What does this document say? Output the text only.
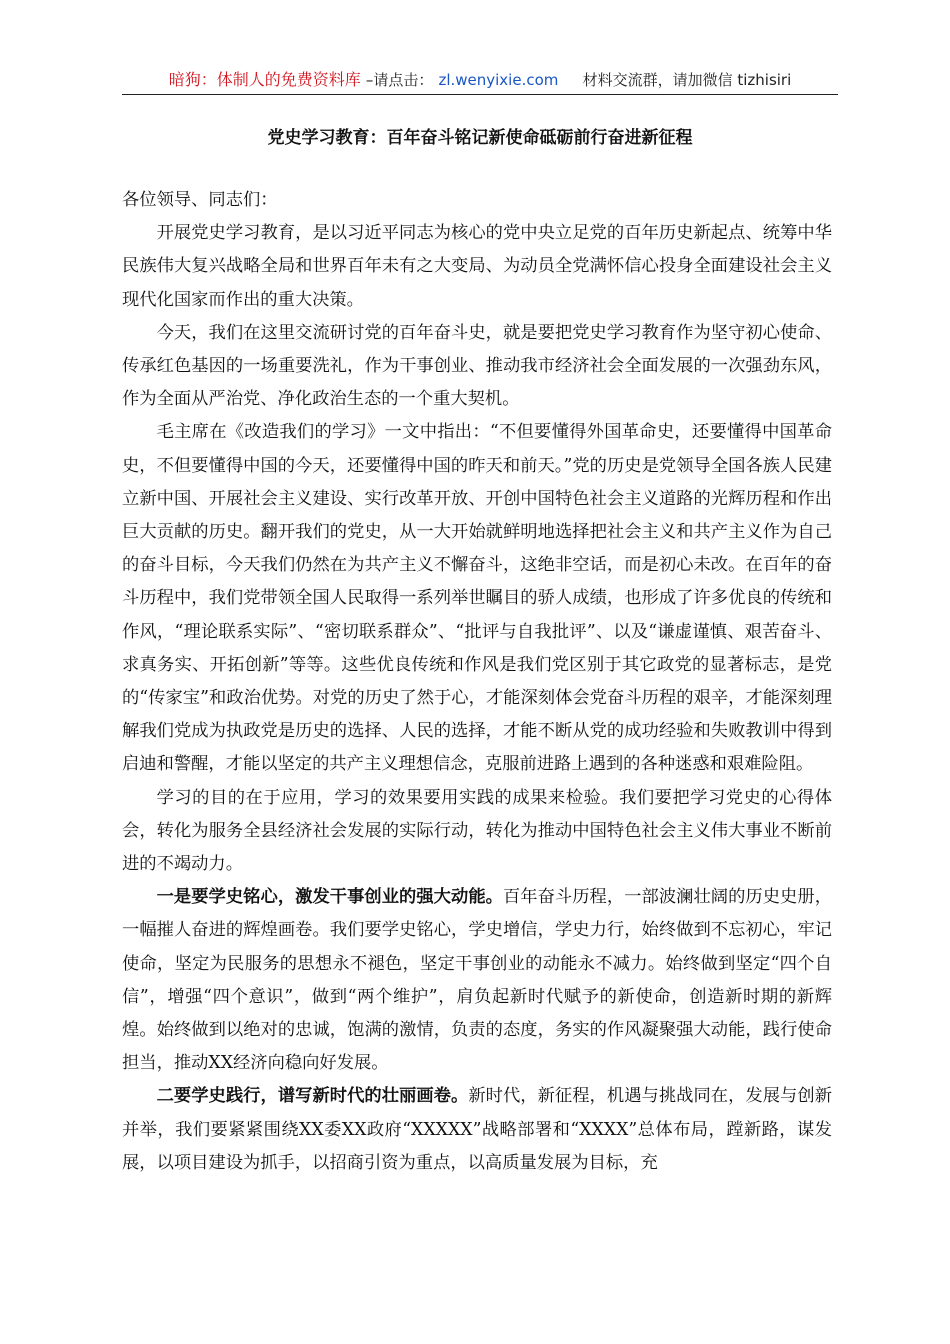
暗狗：体制人的免费资料库 –请点击： zl.wenyixie.com 材料交流群，请加微信 tizhisiri
党史学习教育：百年奋斗铭记新使命砥砺前行奋进新征程

各位领导、同志们：

开展党史学习教育，是以习近平同志为核心的党中央立足党的百年历史新起点、统筹中华民族伟大复兴战略全局和世界百年未有之大变局、为动员全党满怀信心投身全面建设社会主义现代化国家而作出的重大决策。

今天，我们在这里交流研讨党的百年奋斗史，就是要把党史学习教育作为坚守初心使命、传承红色基因的一场重要洗礼，作为干事创业、推动我市经济社会全面发展的一次强劲东风，作为全面从严治党、净化政治生态的一个重大契机。

毛主席在《改造我们的学习》一文中指出：“不但要懂得外国革命史，还要懂得中国革命史，不但要懂得中国的今天，还要懂得中国的昨天和前天。”党的历史是党领导全国各族人民建立新中国、开展社会主义建设、实行改革开放、开创中国特色社会主义道路的光辉历程和作出巨大贡献的历史。翻开我们的党史，从一大开始就鲜明地选择把社会主义和共产主义作为自己的奋斗目标，今天我们仍然在为共产主义不懈奋斗，这绝非空话，而是初心未改。在百年的奋斗历程中，我们党带领全国人民取得一系列举世瞩目的骄人成绩，也形成了许多优良的传统和作风，“理论联系实际”、“密切联系群众”、“批评与自我批评”、以及“谦虚谨慎、艰苦奋斗、求真务实、开拓创新”等等。这些优良传统和作风是我们党区别于其它政党的显著标志，是党的“传家宝”和政治优势。对党的历史了然于心，才能深刻体会党奋斗历程的艰辛，才能深刻理解我们党成为执政党是历史的选择、人民的选择，才能不断从党的成功经验和失败教训中得到启迪和警醒，才能以坚定的共产主义理想信念，克服前进路上遇到的各种迷惑和艰难险阻。

学习的目的在于应用，学习的效果要用实践的成果来检验。我们要把学习党史的心得体会，转化为服务全县经济社会发展的实际行动，转化为推动中国特色社会主义伟大事业不断前进的不竭动力。

一是要学史铭心，激发干事创业的强大动能。百年奋斗历程，一部波澜壮阔的历史史册，一幅摧人奋进的辉煌画卷。我们要学史铭心，学史增信，学史力行，始终做到不忘初心，牢记使命，坚定为民服务的思想永不褪色，坚定干事创业的动能永不减力。始终做到坚定“四个自信”，增强“四个意识”，做到“两个维护”，肩负起新时代赋予的新使命，创造新时期的新辉煌。始终做到以绝对的忠诚，饱满的激情，负责的态度，务实的作风凝聚强大动能，践行使命担当，推动XX经济向稳向好发展。

二要学史践行，谱写新时代的壮丽画卷。新时代，新征程，机遇与挑战同在，发展与创新并举，我们要紧紧围绕XX委XX政府“XXXXX”战略部署和“XXXX”总体布局，蹚新路，谋发展，以项目建设为抓手，以招商引资为重点，以高质量发展为目标，充
